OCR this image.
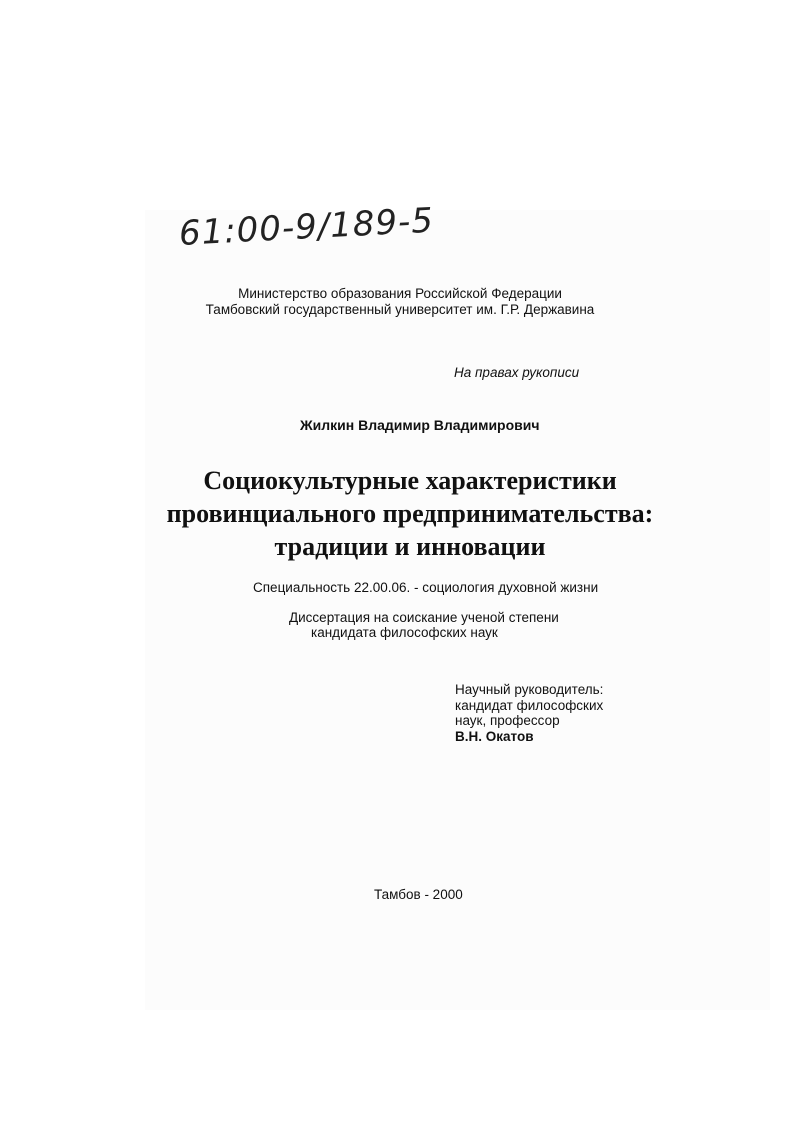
61:00-9/189-5
Министерство образования Российской Федерации
Тамбовский государственный университет им. Г.Р. Державина
На правах рукописи
Жилкин Владимир Владимирович
Социокультурные характеристики
провинциального предпринимательства:
традиции и инновации
Специальность 22.00.06. - социология духовной жизни
Диссертация на соискание ученой степени
кандидата философских наук
Научный руководитель:
кандидат философских
наук, профессор
В.Н. Окатов
Тамбов - 2000
